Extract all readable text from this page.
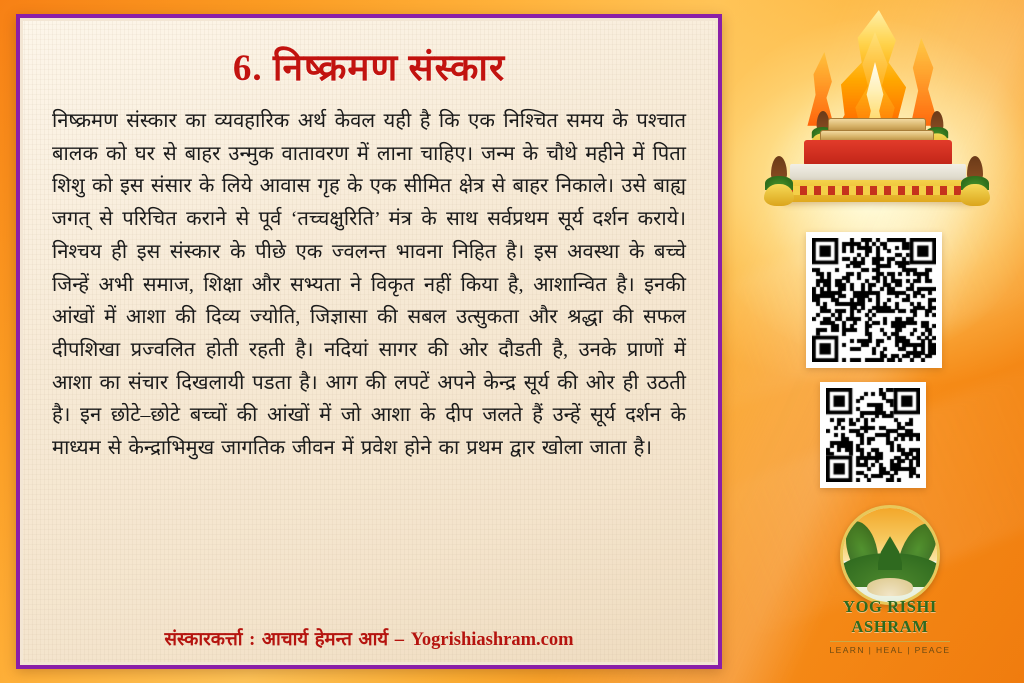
6. निष्क्रमण संस्कार
निष्क्रमण संस्कार का व्यवहारिक अर्थ केवल यही है कि एक निश्चित समय के पश्चात बालक को घर से बाहर उन्मुक वातावरण में लाना चाहिए। जन्म के चौथे महीने में पिता शिशु को इस संसार के लिये आवास गृह के एक सीमित क्षेत्र से बाहर निकाले। उसे बाह्य जगत् से परिचित कराने से पूर्व ‘तच्चक्षुरिति’ मंत्र के साथ सर्वप्रथम सूर्य दर्शन कराये। निश्चय ही इस संस्कार के पीछे एक ज्वलन्त भावना निहित है। इस अवस्था के बच्चे जिन्हें अभी समाज, शिक्षा और सभ्यता ने विकृत नहीं किया है, आशान्वित है। इनकी आंखों में आशा की दिव्य ज्योति, जिज्ञासा की सबल उत्सुकता और श्रद्धा की सफल दीपशिखा प्रज्वलित होती रहती है। नदियां सागर की ओर दौडती है, उनके प्राणों में आशा का संचार दिखलायी पडता है। आग की लपटें अपने केन्द्र सूर्य की ओर ही उठती है। इन छोटे–छोटे बच्चों की आंखों में जो आशा के दीप जलते हैं उन्हें सूर्य दर्शन के माध्यम से केन्द्राभिमुख जागतिक जीवन में प्रवेश होने का प्रथम द्वार खोला जाता है।
संस्कारकर्त्ता : आचार्य हेमन्त आर्य – Yogrishiashram.com
YOG RISHI ASHRAM
LEARN | HEAL | PEACE
